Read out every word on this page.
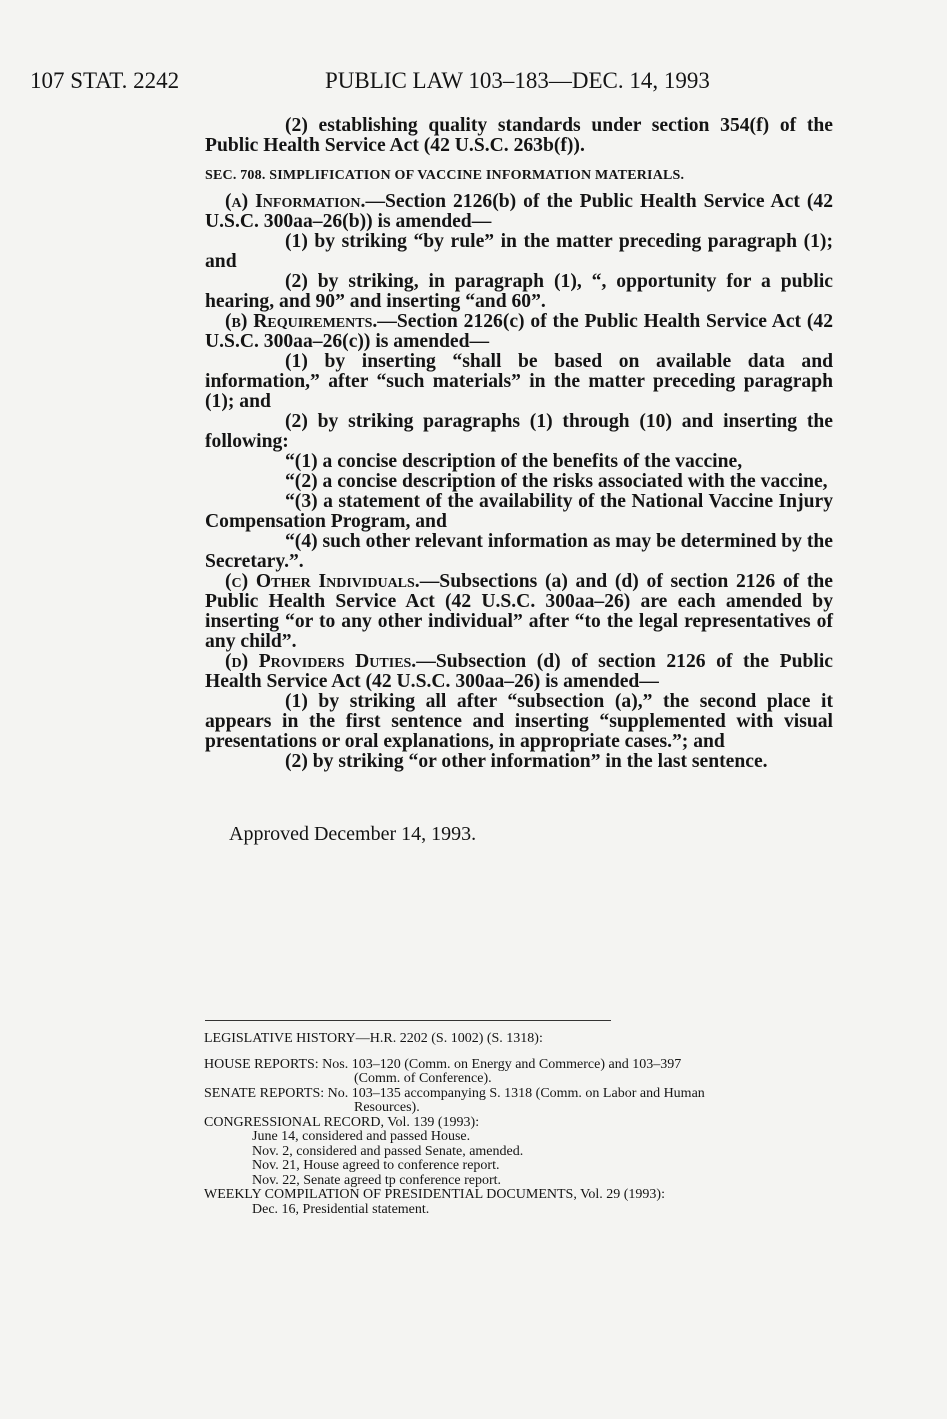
107 STAT. 2242	PUBLIC LAW 103–183—DEC. 14, 1993

(2) establishing quality standards under section 354(f) of the Public Health Service Act (42 U.S.C. 263b(f)).

SEC. 708. SIMPLIFICATION OF VACCINE INFORMATION MATERIALS.

(a) Information.—Section 2126(b) of the Public Health Service Act (42 U.S.C. 300aa–26(b)) is amended—

(1) by striking “by rule” in the matter preceding paragraph (1); and

(2) by striking, in paragraph (1), “, opportunity for a public hearing, and 90” and inserting “and 60”.

(b) Requirements.—Section 2126(c) of the Public Health Service Act (42 U.S.C. 300aa–26(c)) is amended—

(1) by inserting “shall be based on available data and information,” after “such materials” in the matter preceding paragraph (1); and

(2) by striking paragraphs (1) through (10) and inserting the following:

“(1) a concise description of the benefits of the vaccine,

“(2) a concise description of the risks associated with the vaccine,

“(3) a statement of the availability of the National Vaccine Injury Compensation Program, and

“(4) such other relevant information as may be determined by the Secretary.”.

(c) Other Individuals.—Subsections (a) and (d) of section 2126 of the Public Health Service Act (42 U.S.C. 300aa–26) are each amended by inserting “or to any other individual” after “to the legal representatives of any child”.

(d) Providers Duties.—Subsection (d) of section 2126 of the Public Health Service Act (42 U.S.C. 300aa–26) is amended—

(1) by striking all after “subsection (a),” the second place it appears in the first sentence and inserting “supplemented with visual presentations or oral explanations, in appropriate cases.”; and

(2) by striking “or other information” in the last sentence.

Approved December 14, 1993.

LEGISLATIVE HISTORY—H.R. 2202 (S. 1002) (S. 1318):

HOUSE REPORTS: Nos. 103–120 (Comm. on Energy and Commerce) and 103–397

(Comm. of Conference).

SENATE REPORTS: No. 103–135 accompanying S. 1318 (Comm. on Labor and Human

Resources).

CONGRESSIONAL RECORD, Vol. 139 (1993):

June 14, considered and passed House.

Nov. 2, considered and passed Senate, amended.

Nov. 21, House agreed to conference report.

Nov. 22, Senate agreed tp conference report.

WEEKLY COMPILATION OF PRESIDENTIAL DOCUMENTS, Vol. 29 (1993):

Dec. 16, Presidential statement.
